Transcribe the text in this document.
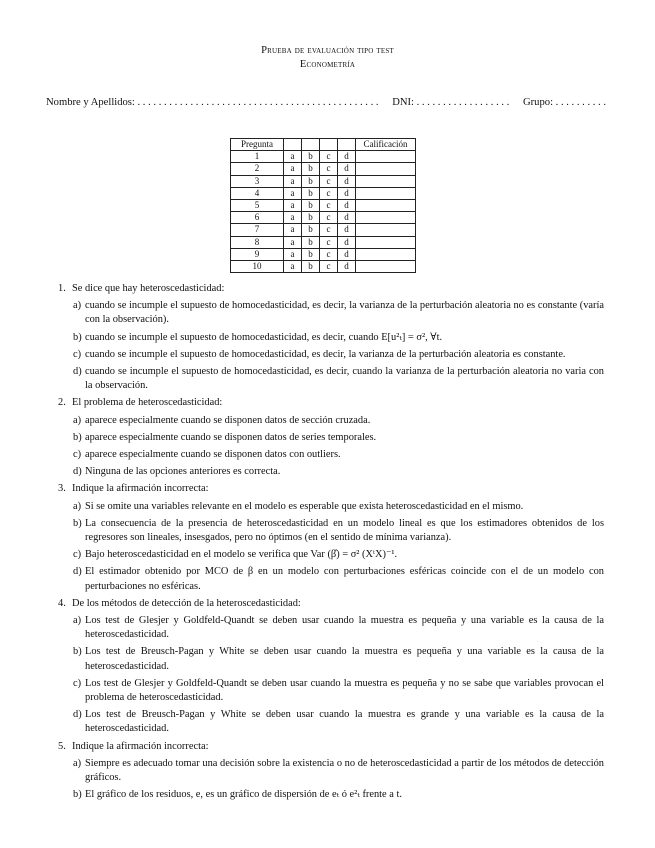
Prueba de evaluación tipo test
Econometría
Nombre y Apellidos: . . . . . . . . . . . . . . . . . . . . . . . . . . . . . . . . . . . . . . . . . . . . . . DNI: . . . . . . . . . . . . . . . . . . Grupo: . . . . . . . . . .
Pregunta					Calificación
1	a	b	c	d	
2	a	b	c	d	
3	a	b	c	d	
4	a	b	c	d	
5	a	b	c	d	
6	a	b	c	d	
7	a	b	c	d	
8	a	b	c	d	
9	a	b	c	d	
10	a	b	c	d	
1. Se dice que hay heteroscedasticidad:
a) cuando se incumple el supuesto de homocedasticidad, es decir, la varianza de la perturbación aleatoria no es constante (varía con la observación).
b) cuando se incumple el supuesto de homocedasticidad, es decir, cuando E[u²ₜ] = σ², ∀t.
c) cuando se incumple el supuesto de homocedasticidad, es decir, la varianza de la perturbación aleatoria es constante.
d) cuando se incumple el supuesto de homocedasticidad, es decir, cuando la varianza de la perturbación aleatoria no varia con la observación.
2. El problema de heteroscedasticidad:
a) aparece especialmente cuando se disponen datos de sección cruzada.
b) aparece especialmente cuando se disponen datos de series temporales.
c) aparece especialmente cuando se disponen datos con outliers.
d) Ninguna de las opciones anteriores es correcta.
3. Indique la afirmación incorrecta:
a) Si se omite una variables relevante en el modelo es esperable que exista heteroscedasticidad en el mismo.
b) La consecuencia de la presencia de heteroscedasticidad en un modelo lineal es que los estimadores obtenidos de los regresores son lineales, insesgados, pero no óptimos (en el sentido de mínima varianza).
c) Bajo heteroscedasticidad en el modelo se verifica que Var (β̂) = σ² (XᵗX)⁻¹.
d) El estimador obtenido por MCO de β en un modelo con perturbaciones esféricas coincide con el de un modelo con perturbaciones no esféricas.
4. De los métodos de detección de la heteroscedasticidad:
a) Los test de Glesjer y Goldfeld-Quandt se deben usar cuando la muestra es pequeña y una variable es la causa de la heteroscedasticidad.
b) Los test de Breusch-Pagan y White se deben usar cuando la muestra es pequeña y una variable es la causa de la heteroscedasticidad.
c) Los test de Glesjer y Goldfeld-Quandt se deben usar cuando la muestra es pequeña y no se sabe que variables provocan el problema de heteroscedasticidad.
d) Los test de Breusch-Pagan y White se deben usar cuando la muestra es grande y una variable es la causa de la heteroscedasticidad.
5. Indique la afirmación incorrecta:
a) Siempre es adecuado tomar una decisión sobre la existencia o no de heteroscedasticidad a partir de los métodos de detección gráficos.
b) El gráfico de los residuos, e, es un gráfico de dispersión de eₜ ó e²ₜ frente a t.
